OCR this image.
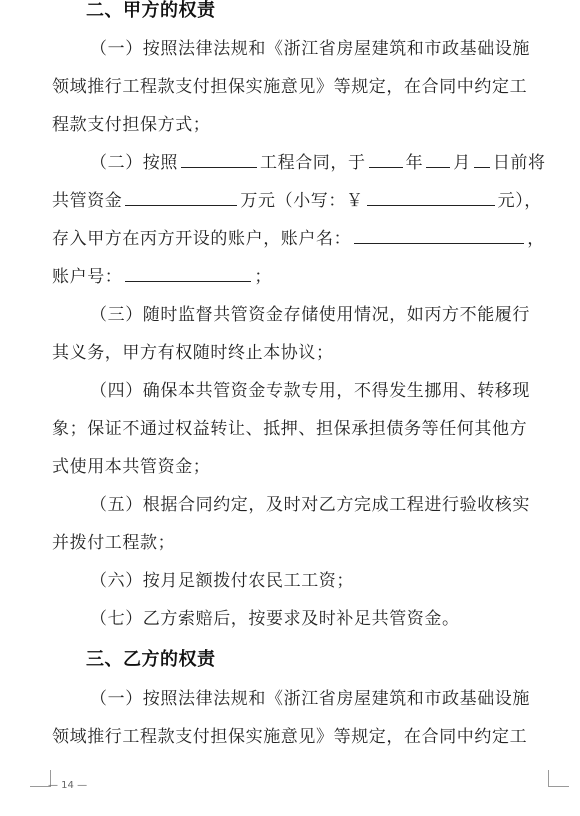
二、甲方的权责
（一）按照法律法规和《浙江省房屋建筑和市政基础设施
领域推行工程款支付担保实施意见》等规定，在合同中约定工
程款支付担保方式；
（二）按照	工程合同，于 年 月 日前将
共管资金	万元（小写：￥	元），
存入甲方在丙方开设的账户，账户名：	，
账户号：	；
（三）随时监督共管资金存储使用情况，如丙方不能履行
其义务，甲方有权随时终止本协议；
（四）确保本共管资金专款专用，不得发生挪用、转移现
象；保证不通过权益转让、抵押、担保承担债务等任何其他方
式使用本共管资金；
（五）根据合同约定，及时对乙方完成工程进行验收核实
并拨付工程款；
（六）按月足额拨付农民工工资；
（七）乙方索赔后，按要求及时补足共管资金。
三、乙方的权责
（一）按照法律法规和《浙江省房屋建筑和市政基础设施
领域推行工程款支付担保实施意见》等规定，在合同中约定工
— 14 —
